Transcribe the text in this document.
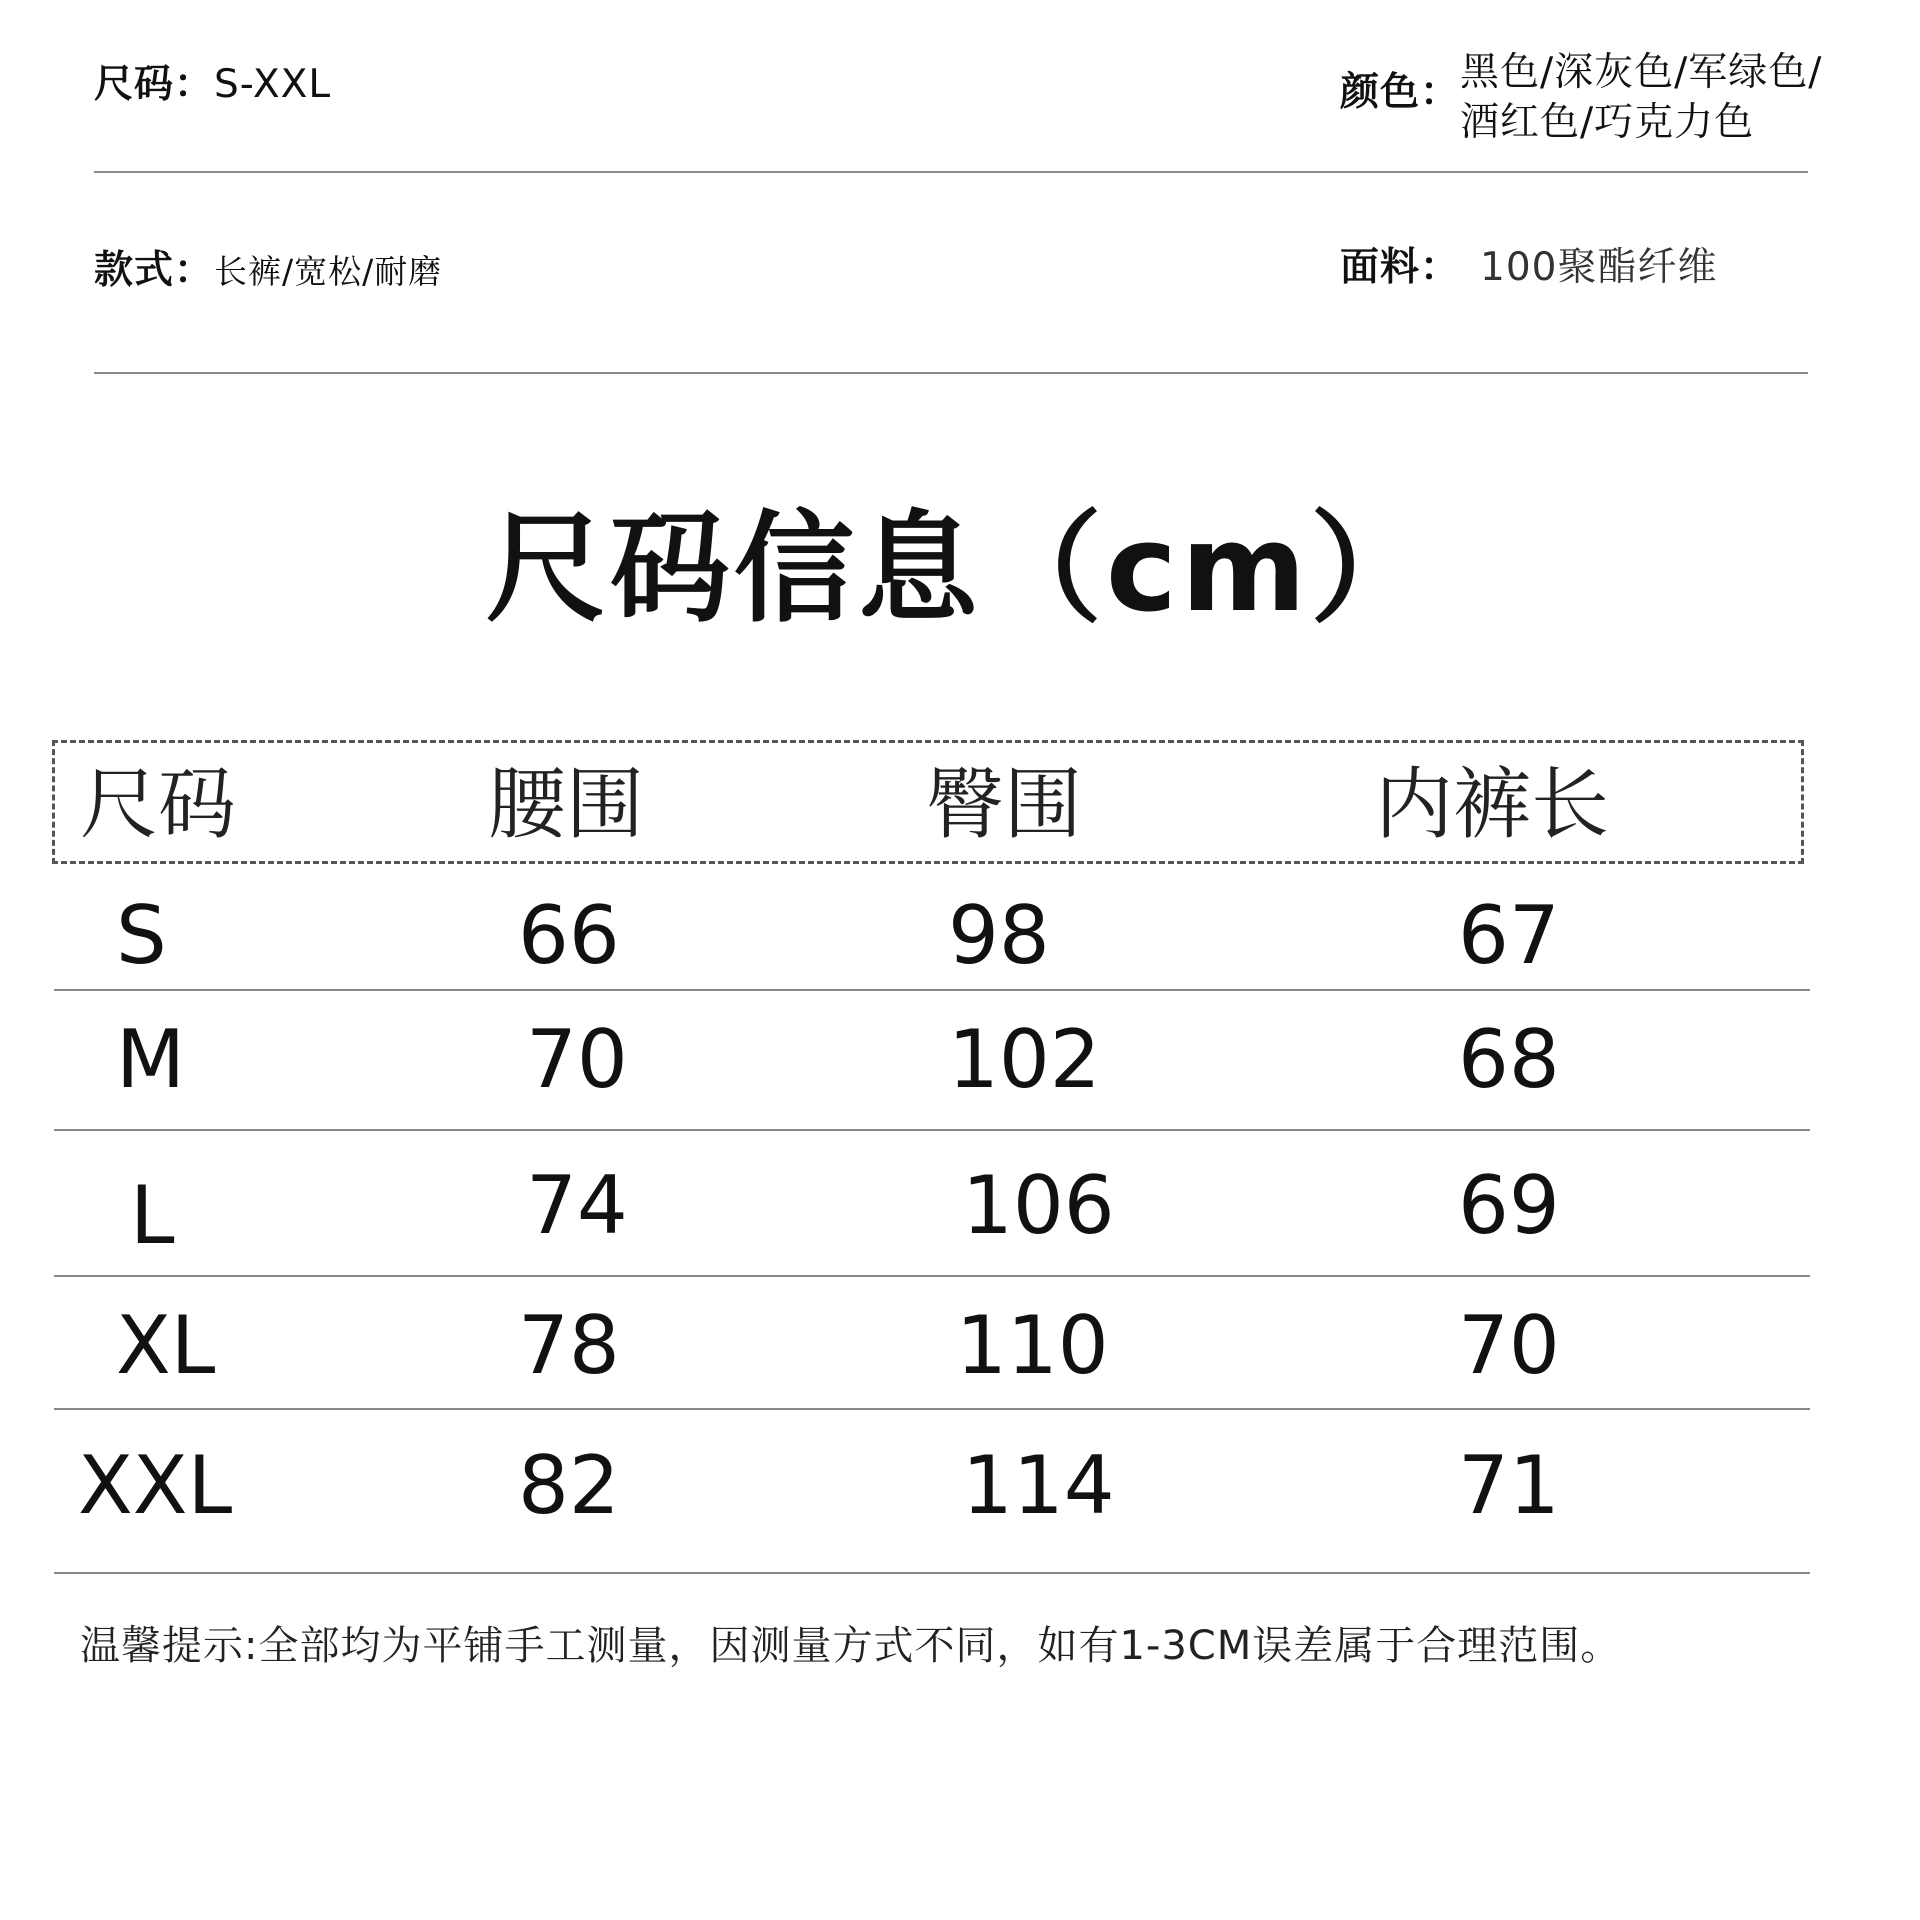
尺码：S-XXL	颜色： 黑色/深灰色/军绿色/
酒红色/巧克力色
款式：长裤/宽松/耐磨	面料： 100聚酯纤维
尺码信息（cm）
尺码	腰围	臀围	内裤长
S	66	98	67
M	70	102	68
L	74	106	69
XL	78	110	70
XXL	82	114	71
温馨提示:全部均为平铺手工测量，因测量方式不同，如有1-3CM误差属于合理范围。
